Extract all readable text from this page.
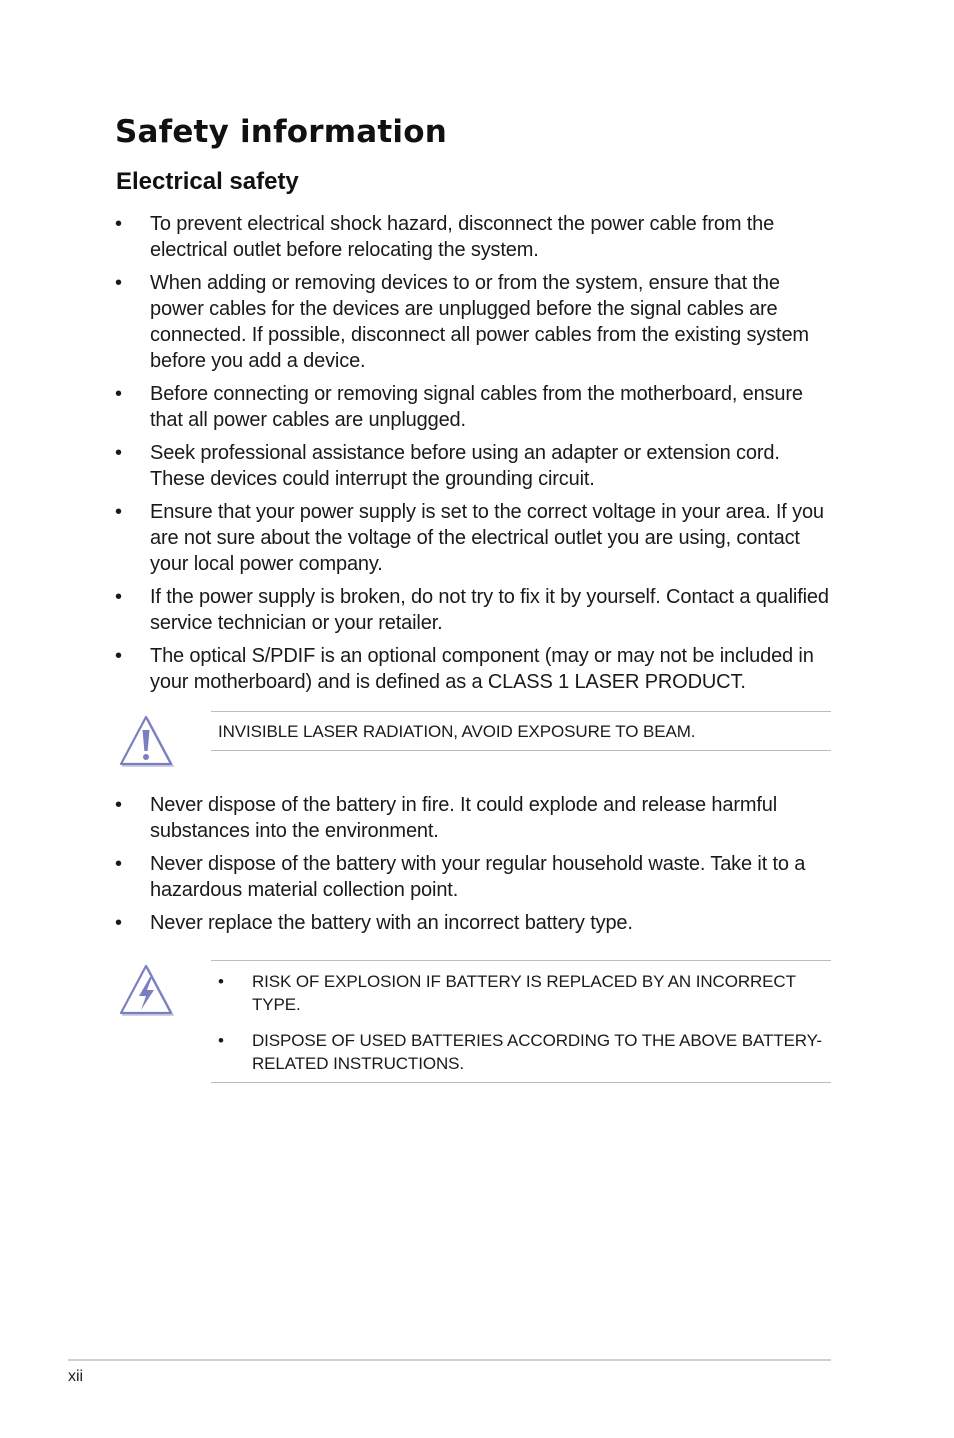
Safety information
Electrical safety
• To prevent electrical shock hazard, disconnect the power cable from the electrical outlet before relocating the system.
• When adding or removing devices to or from the system, ensure that the power cables for the devices are unplugged before the signal cables are connected. If possible, disconnect all power cables from the existing system before you add a device.
• Before connecting or removing signal cables from the motherboard, ensure that all power cables are unplugged.
• Seek professional assistance before using an adapter or extension cord. These devices could interrupt the grounding circuit.
• Ensure that your power supply is set to the correct voltage in your area. If you are not sure about the voltage of the electrical outlet you are using, contact your local power company.
• If the power supply is broken, do not try to fix it by yourself. Contact a qualified service technician or your retailer.
• The optical S/PDIF is an optional component (may or may not be included in your motherboard) and is defined as a CLASS 1 LASER PRODUCT.
INVISIBLE LASER RADIATION, AVOID EXPOSURE TO BEAM.
• Never dispose of the battery in fire. It could explode and release harmful substances into the environment.
• Never dispose of the battery with your regular household waste. Take it to a hazardous material collection point.
• Never replace the battery with an incorrect battery type.
• RISK OF EXPLOSION IF BATTERY IS REPLACED BY AN INCORRECT TYPE.
• DISPOSE OF USED BATTERIES ACCORDING TO THE ABOVE BATTERY-RELATED INSTRUCTIONS.
xii
